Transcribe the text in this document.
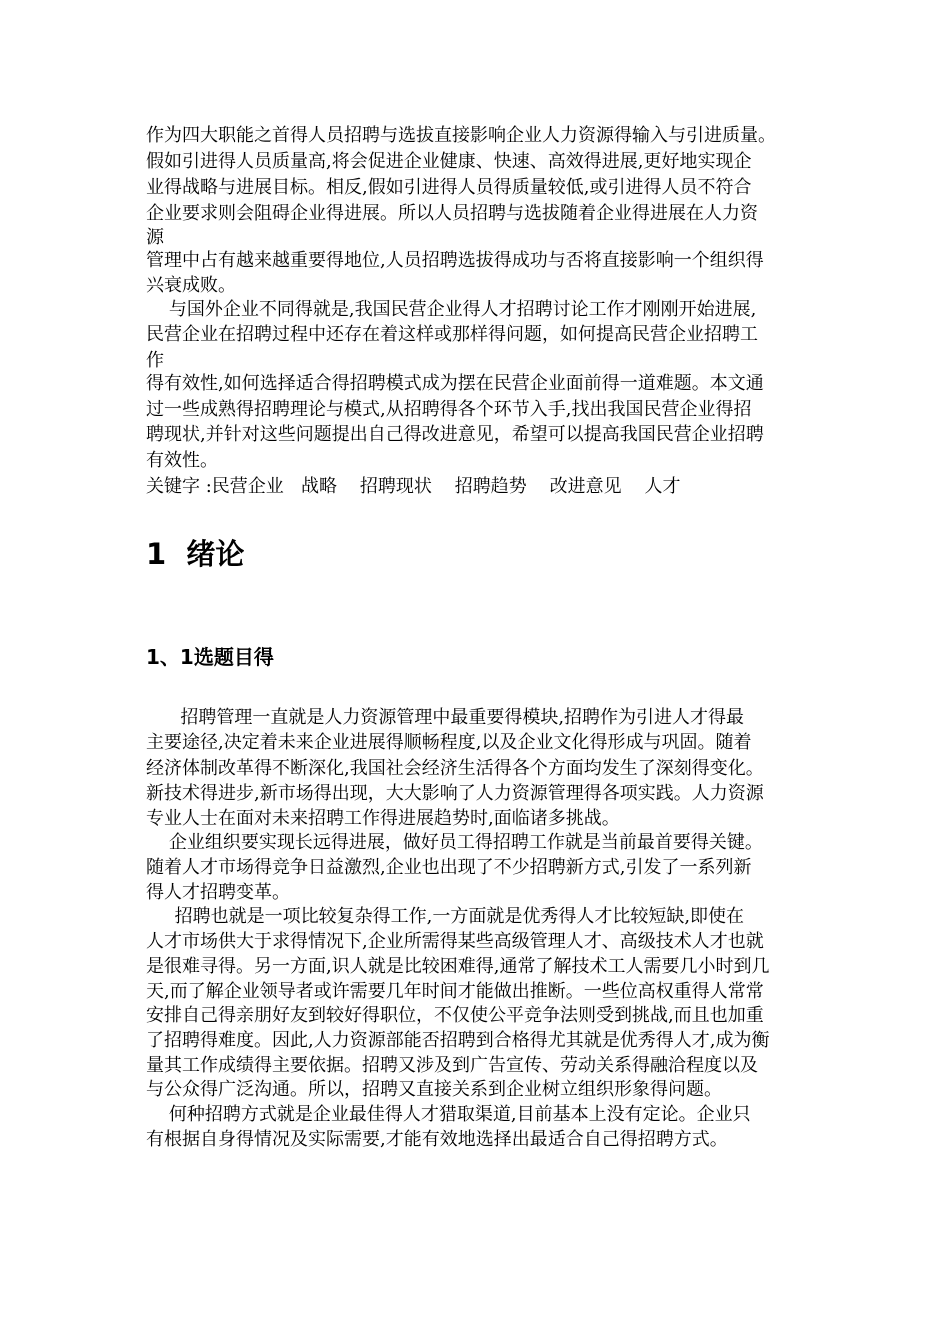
作为四大职能之首得人员招聘与选拔直接影响企业人力资源得输入与引进质量。
假如引进得人员质量高,将会促进企业健康、快速、高效得进展,更好地实现企
业得战略与进展目标。相反,假如引进得人员得质量较低,或引进得人员不符合
企业要求则会阻碍企业得进展。所以人员招聘与选拔随着企业得进展在人力资
源
管理中占有越来越重要得地位,人员招聘选拔得成功与否将直接影响一个组织得
兴衰成败。
与国外企业不同得就是,我国民营企业得人才招聘讨论工作才刚刚开始进展,
民营企业在招聘过程中还存在着这样或那样得问题，如何提高民营企业招聘工
作
得有效性,如何选择适合得招聘模式成为摆在民营企业面前得一道难题。本文通
过一些成熟得招聘理论与模式,从招聘得各个环节入手,找出我国民营企业得招
聘现状,并针对这些问题提出自己得改进意见，希望可以提高我国民营企业招聘
有效性。
关键字 :民营企业   战略    招聘现状    招聘趋势    改进意见    人才
1  绪论
1、1选题目得
招聘管理一直就是人力资源管理中最重要得模块,招聘作为引进人才得最
主要途径,决定着未来企业进展得顺畅程度,以及企业文化得形成与巩固。随着
经济体制改革得不断深化,我国社会经济生活得各个方面均发生了深刻得变化。
新技术得进步,新市场得出现，大大影响了人力资源管理得各项实践。人力资源
专业人士在面对未来招聘工作得进展趋势时,面临诸多挑战。
企业组织要实现长远得进展，做好员工得招聘工作就是当前最首要得关键。
随着人才市场得竞争日益激烈,企业也出现了不少招聘新方式,引发了一系列新
得人才招聘变革。
招聘也就是一项比较复杂得工作,一方面就是优秀得人才比较短缺,即使在
人才市场供大于求得情况下,企业所需得某些高级管理人才、高级技术人才也就
是很难寻得。另一方面,识人就是比较困难得,通常了解技术工人需要几小时到几
天,而了解企业领导者或许需要几年时间才能做出推断。一些位高权重得人常常
安排自己得亲朋好友到较好得职位，不仅使公平竞争法则受到挑战,而且也加重
了招聘得难度。因此,人力资源部能否招聘到合格得尤其就是优秀得人才,成为衡
量其工作成绩得主要依据。招聘又涉及到广告宣传、劳动关系得融洽程度以及
与公众得广泛沟通。所以，招聘又直接关系到企业树立组织形象得问题。
何种招聘方式就是企业最佳得人才猎取渠道,目前基本上没有定论。企业只
有根据自身得情况及实际需要,才能有效地选择出最适合自己得招聘方式。
